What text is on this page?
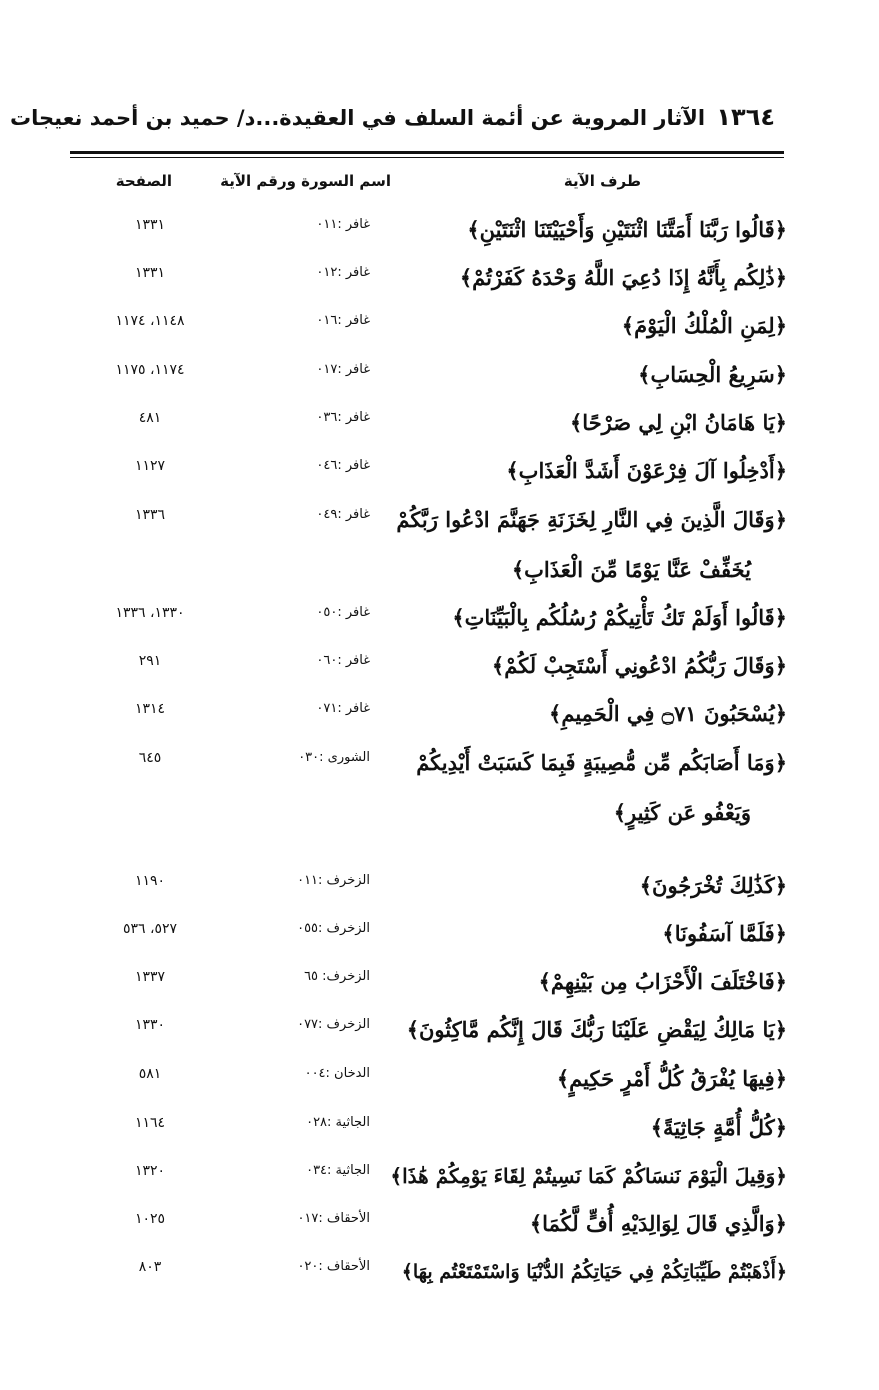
١٣٦٤ الآثار المروية عن أئمة السلف في العقيدة...د/ حميد بن أحمد نعيجات
طرف الآية
اسم السورة ورقم الآية
الصفحة
﴿قَالُوا رَبَّنَا أَمَتَّنَا اثْنَتَيْنِ وَأَحْيَيْتَنَا اثْنَتَيْنِ﴾
غافر :٠١١
١٣٣١
﴿ذَٰلِكُم بِأَنَّهُ إِذَا دُعِيَ اللَّهُ وَحْدَهُ كَفَرْتُمْ﴾
غافر :٠١٢
١٣٣١
﴿لِمَنِ الْمُلْكُ الْيَوْمَ﴾
غافر :٠١٦
١١٤٨، ١١٧٤
﴿سَرِيعُ الْحِسَابِ﴾
غافر :٠١٧
١١٧٤، ١١٧٥
﴿يَا هَامَانُ ابْنِ لِي صَرْحًا﴾
غافر :٠٣٦
٤٨١
﴿أَدْخِلُوا آلَ فِرْعَوْنَ أَشَدَّ الْعَذَابِ﴾
غافر :٠٤٦
١١٢٧
﴿وَقَالَ الَّذِينَ فِي النَّارِ لِخَزَنَةِ جَهَنَّمَ ادْعُوا رَبَّكُمْ
غافر :٠٤٩
١٣٣٦
يُخَفِّفْ عَنَّا يَوْمًا مِّنَ الْعَذَابِ﴾
﴿قَالُوا أَوَلَمْ تَكُ تَأْتِيكُمْ رُسُلُكُم بِالْبَيِّنَاتِ﴾
غافر :٠٥٠
١٣٣٠، ١٣٣٦
﴿وَقَالَ رَبُّكُمُ ادْعُونِي أَسْتَجِبْ لَكُمْ﴾
غافر :٠٦٠
٢٩١
﴿يُسْحَبُونَ ۝٧١ فِي الْحَمِيمِ﴾
غافر :٠٧١
١٣١٤
﴿وَمَا أَصَابَكُم مِّن مُّصِيبَةٍ فَبِمَا كَسَبَتْ أَيْدِيكُمْ
الشورى :٠٣٠
٦٤٥
وَيَعْفُو عَن كَثِيرٍ﴾
﴿كَذَٰلِكَ تُخْرَجُونَ﴾
الزخرف :٠١١
١١٩٠
﴿فَلَمَّا آسَفُونَا﴾
الزخرف :٠٥٥
٥٢٧، ٥٣٦
﴿فَاخْتَلَفَ الْأَحْزَابُ مِن بَيْنِهِمْ﴾
الزخرف: ٦٥
١٣٣٧
﴿يَا مَالِكُ لِيَقْضِ عَلَيْنَا رَبُّكَ قَالَ إِنَّكُم مَّاكِثُونَ﴾
الزخرف :٠٧٧
١٣٣٠
﴿فِيهَا يُفْرَقُ كُلُّ أَمْرٍ حَكِيمٍ﴾
الدخان :٠٠٤
٥٨١
﴿كُلُّ أُمَّةٍ جَاثِيَةً﴾
الجاثية :٠٢٨
١١٦٤
﴿وَقِيلَ الْيَوْمَ نَنسَاكُمْ كَمَا نَسِيتُمْ لِقَاءَ يَوْمِكُمْ هَٰذَا﴾
الجاثية :٠٣٤
١٣٢٠
﴿وَالَّذِي قَالَ لِوَالِدَيْهِ أُفٍّ لَّكُمَا﴾
الأحقاف :٠١٧
١٠٢٥
﴿أَذْهَبْتُمْ طَيِّبَاتِكُمْ فِي حَيَاتِكُمُ الدُّنْيَا وَاسْتَمْتَعْتُم بِهَا﴾
الأحقاف :٠٢٠
٨٠٣
